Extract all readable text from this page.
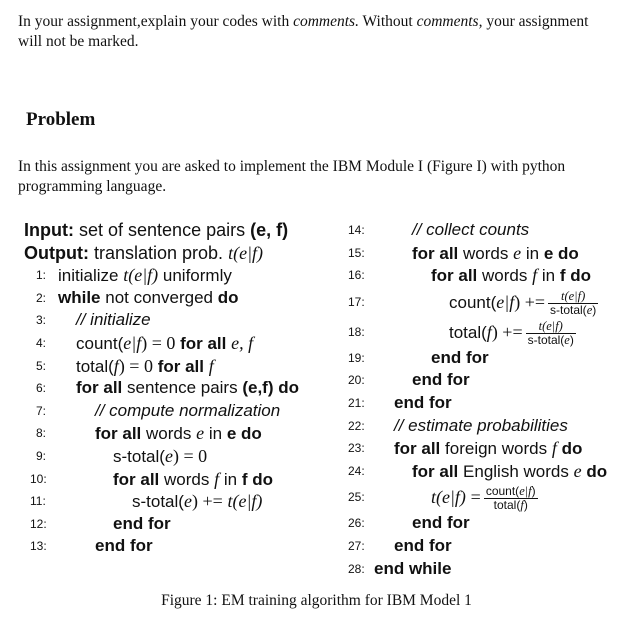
In your assignment,explain your codes with comments. Without comments, your assignment will not be marked.
Problem
In this assignment you are asked to implement the IBM Module I (Figure I) with python programming language.
Input: set of sentence pairs (e, f)
Output: translation prob. t(e|f)
1: initialize t(e|f) uniformly
2: while not converged do
3: // initialize
4: count(e|f) = 0 for all e, f
5: total(f) = 0 for all f
6: for all sentence pairs (e,f) do
7:	// compute normalization
8:	for all words e in e do
9:	s-total(e) = 0
10:	for all words f in f do
11:	s-total(e) += t(e|f)
12:	end for
13:	end for
14:	// collect counts
15:	for all words e in e do
16:	for all words f in f do
17:	count(e|f) += $\frac{t(e|f)}{\text{s-total(e)}}$
18:	total(f) += $\frac{t(e|f)}{\text{s-total(e)}}$
19:	end for
20:	end for
21: end for
22: // estimate probabilities
23: for all foreign words f do
24:	for all English words e do
25:	$t(e|f) = \frac{\text{count(e|f)}}{\text{total(f)}}$
26:	end for
27: end for
28: end while
Figure 1: EM training algorithm for IBM Model 1
